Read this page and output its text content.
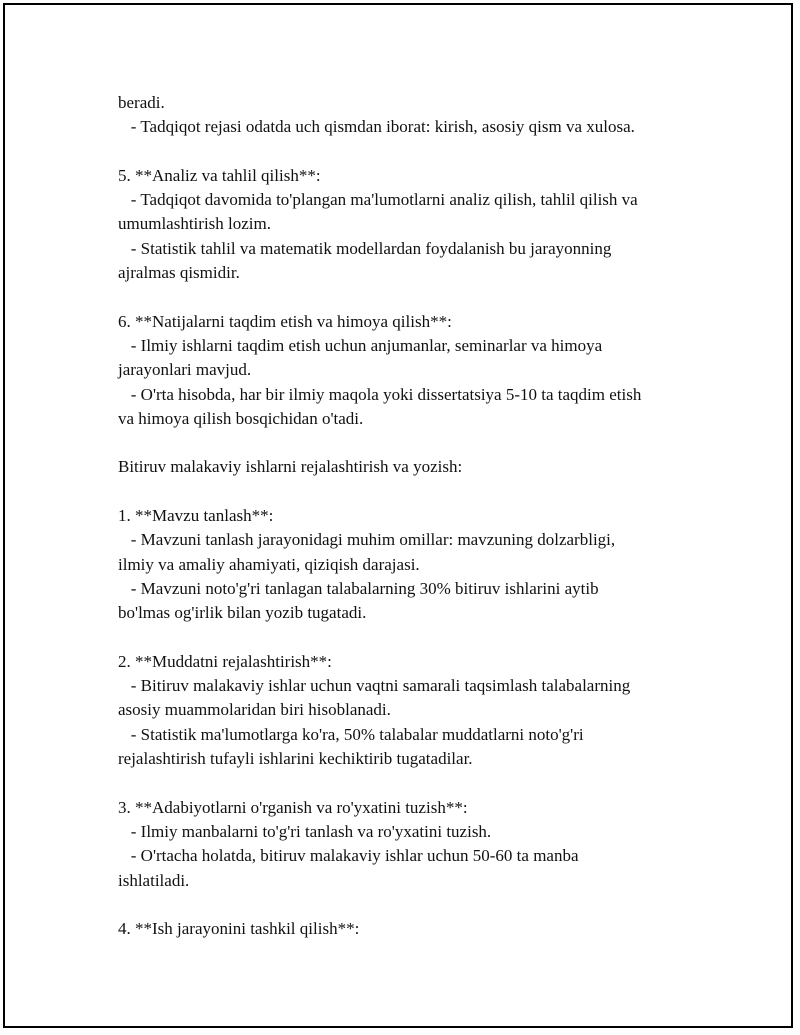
beradi.
- Tadqiqot rejasi odatda uch qismdan iborat: kirish, asosiy qism va xulosa.
5. **Analiz va tahlil qilish**:
- Tadqiqot davomida to'plangan ma'lumotlarni analiz qilish, tahlil qilish va
umumlashtirish lozim.
- Statistik tahlil va matematik modellardan foydalanish bu jarayonning
ajralmas qismidir.
6. **Natijalarni taqdim etish va himoya qilish**:
- Ilmiy ishlarni taqdim etish uchun anjumanlar, seminarlar va himoya
jarayonlari mavjud.
- O'rta hisobda, har bir ilmiy maqola yoki dissertatsiya 5-10 ta taqdim etish
va himoya qilish bosqichidan o'tadi.
Bitiruv malakaviy ishlarni rejalashtirish va yozish:
1. **Mavzu tanlash**:
- Mavzuni tanlash jarayonidagi muhim omillar: mavzuning dolzarbligi,
ilmiy va amaliy ahamiyati, qiziqish darajasi.
- Mavzuni noto'g'ri tanlagan talabalarning 30% bitiruv ishlarini aytib
bo'lmas og'irlik bilan yozib tugatadi.
2. **Muddatni rejalashtirish**:
- Bitiruv malakaviy ishlar uchun vaqtni samarali taqsimlash talabalarning
asosiy muammolaridan biri hisoblanadi.
- Statistik ma'lumotlarga ko'ra, 50% talabalar muddatlarni noto'g'ri
rejalashtirish tufayli ishlarini kechiktirib tugatadilar.
3. **Adabiyotlarni o'rganish va ro'yxatini tuzish**:
- Ilmiy manbalarni to'g'ri tanlash va ro'yxatini tuzish.
- O'rtacha holatda, bitiruv malakaviy ishlar uchun 50-60 ta manba
ishlatiladi.
4. **Ish jarayonini tashkil qilish**:
